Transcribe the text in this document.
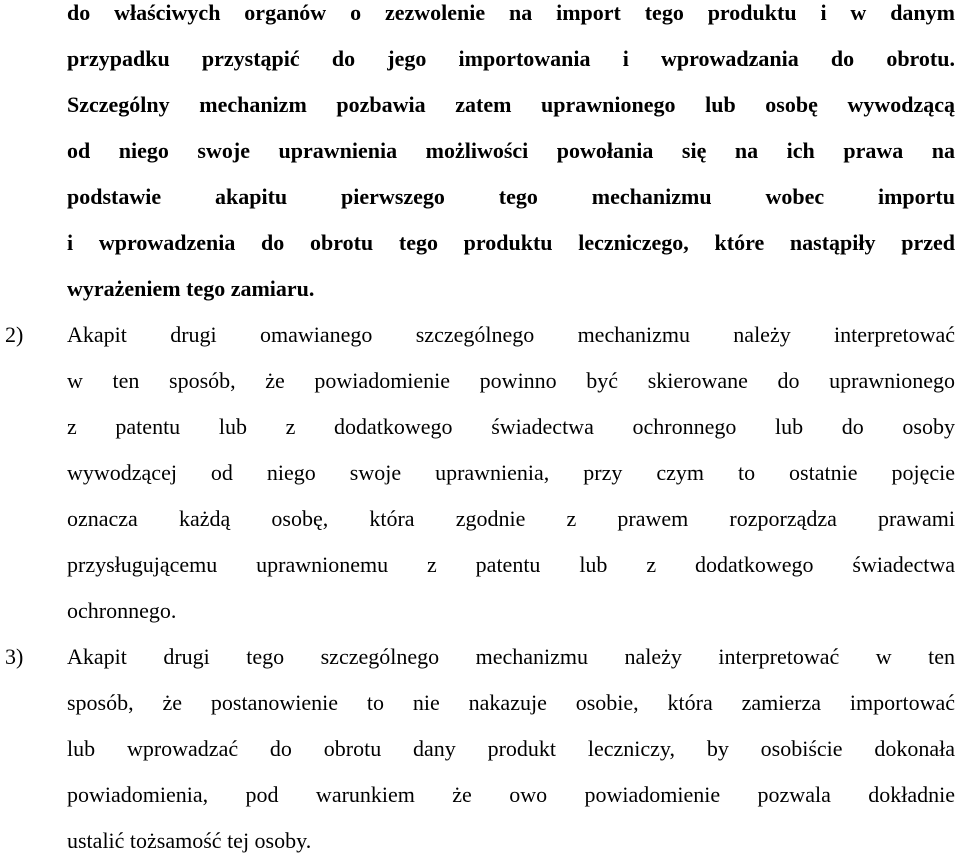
do właściwych organów o zezwolenie na import tego produktu i w danym
przypadku przystąpić do jego importowania i wprowadzania do obrotu.
Szczególny mechanizm pozbawia zatem uprawnionego lub osobę wywodzącą
od niego swoje uprawnienia możliwości powołania się na ich prawa na
podstawie akapitu pierwszego tego mechanizmu wobec importu
i wprowadzenia do obrotu tego produktu leczniczego, które nastąpiły przed
wyrażeniem tego zamiaru.
2) Akapit drugi omawianego szczególnego mechanizmu należy interpretować
w ten sposób, że powiadomienie powinno być skierowane do uprawnionego
z patentu lub z dodatkowego świadectwa ochronnego lub do osoby
wywodzącej od niego swoje uprawnienia, przy czym to ostatnie pojęcie
oznacza każdą osobę, która zgodnie z prawem rozporządza prawami
przysługującemu uprawnionemu z patentu lub z dodatkowego świadectwa
ochronnego.
3) Akapit drugi tego szczególnego mechanizmu należy interpretować w ten
sposób, że postanowienie to nie nakazuje osobie, która zamierza importować
lub wprowadzać do obrotu dany produkt leczniczy, by osobiście dokonała
powiadomienia, pod warunkiem że owo powiadomienie pozwala dokładnie
ustalić tożsamość tej osoby.
